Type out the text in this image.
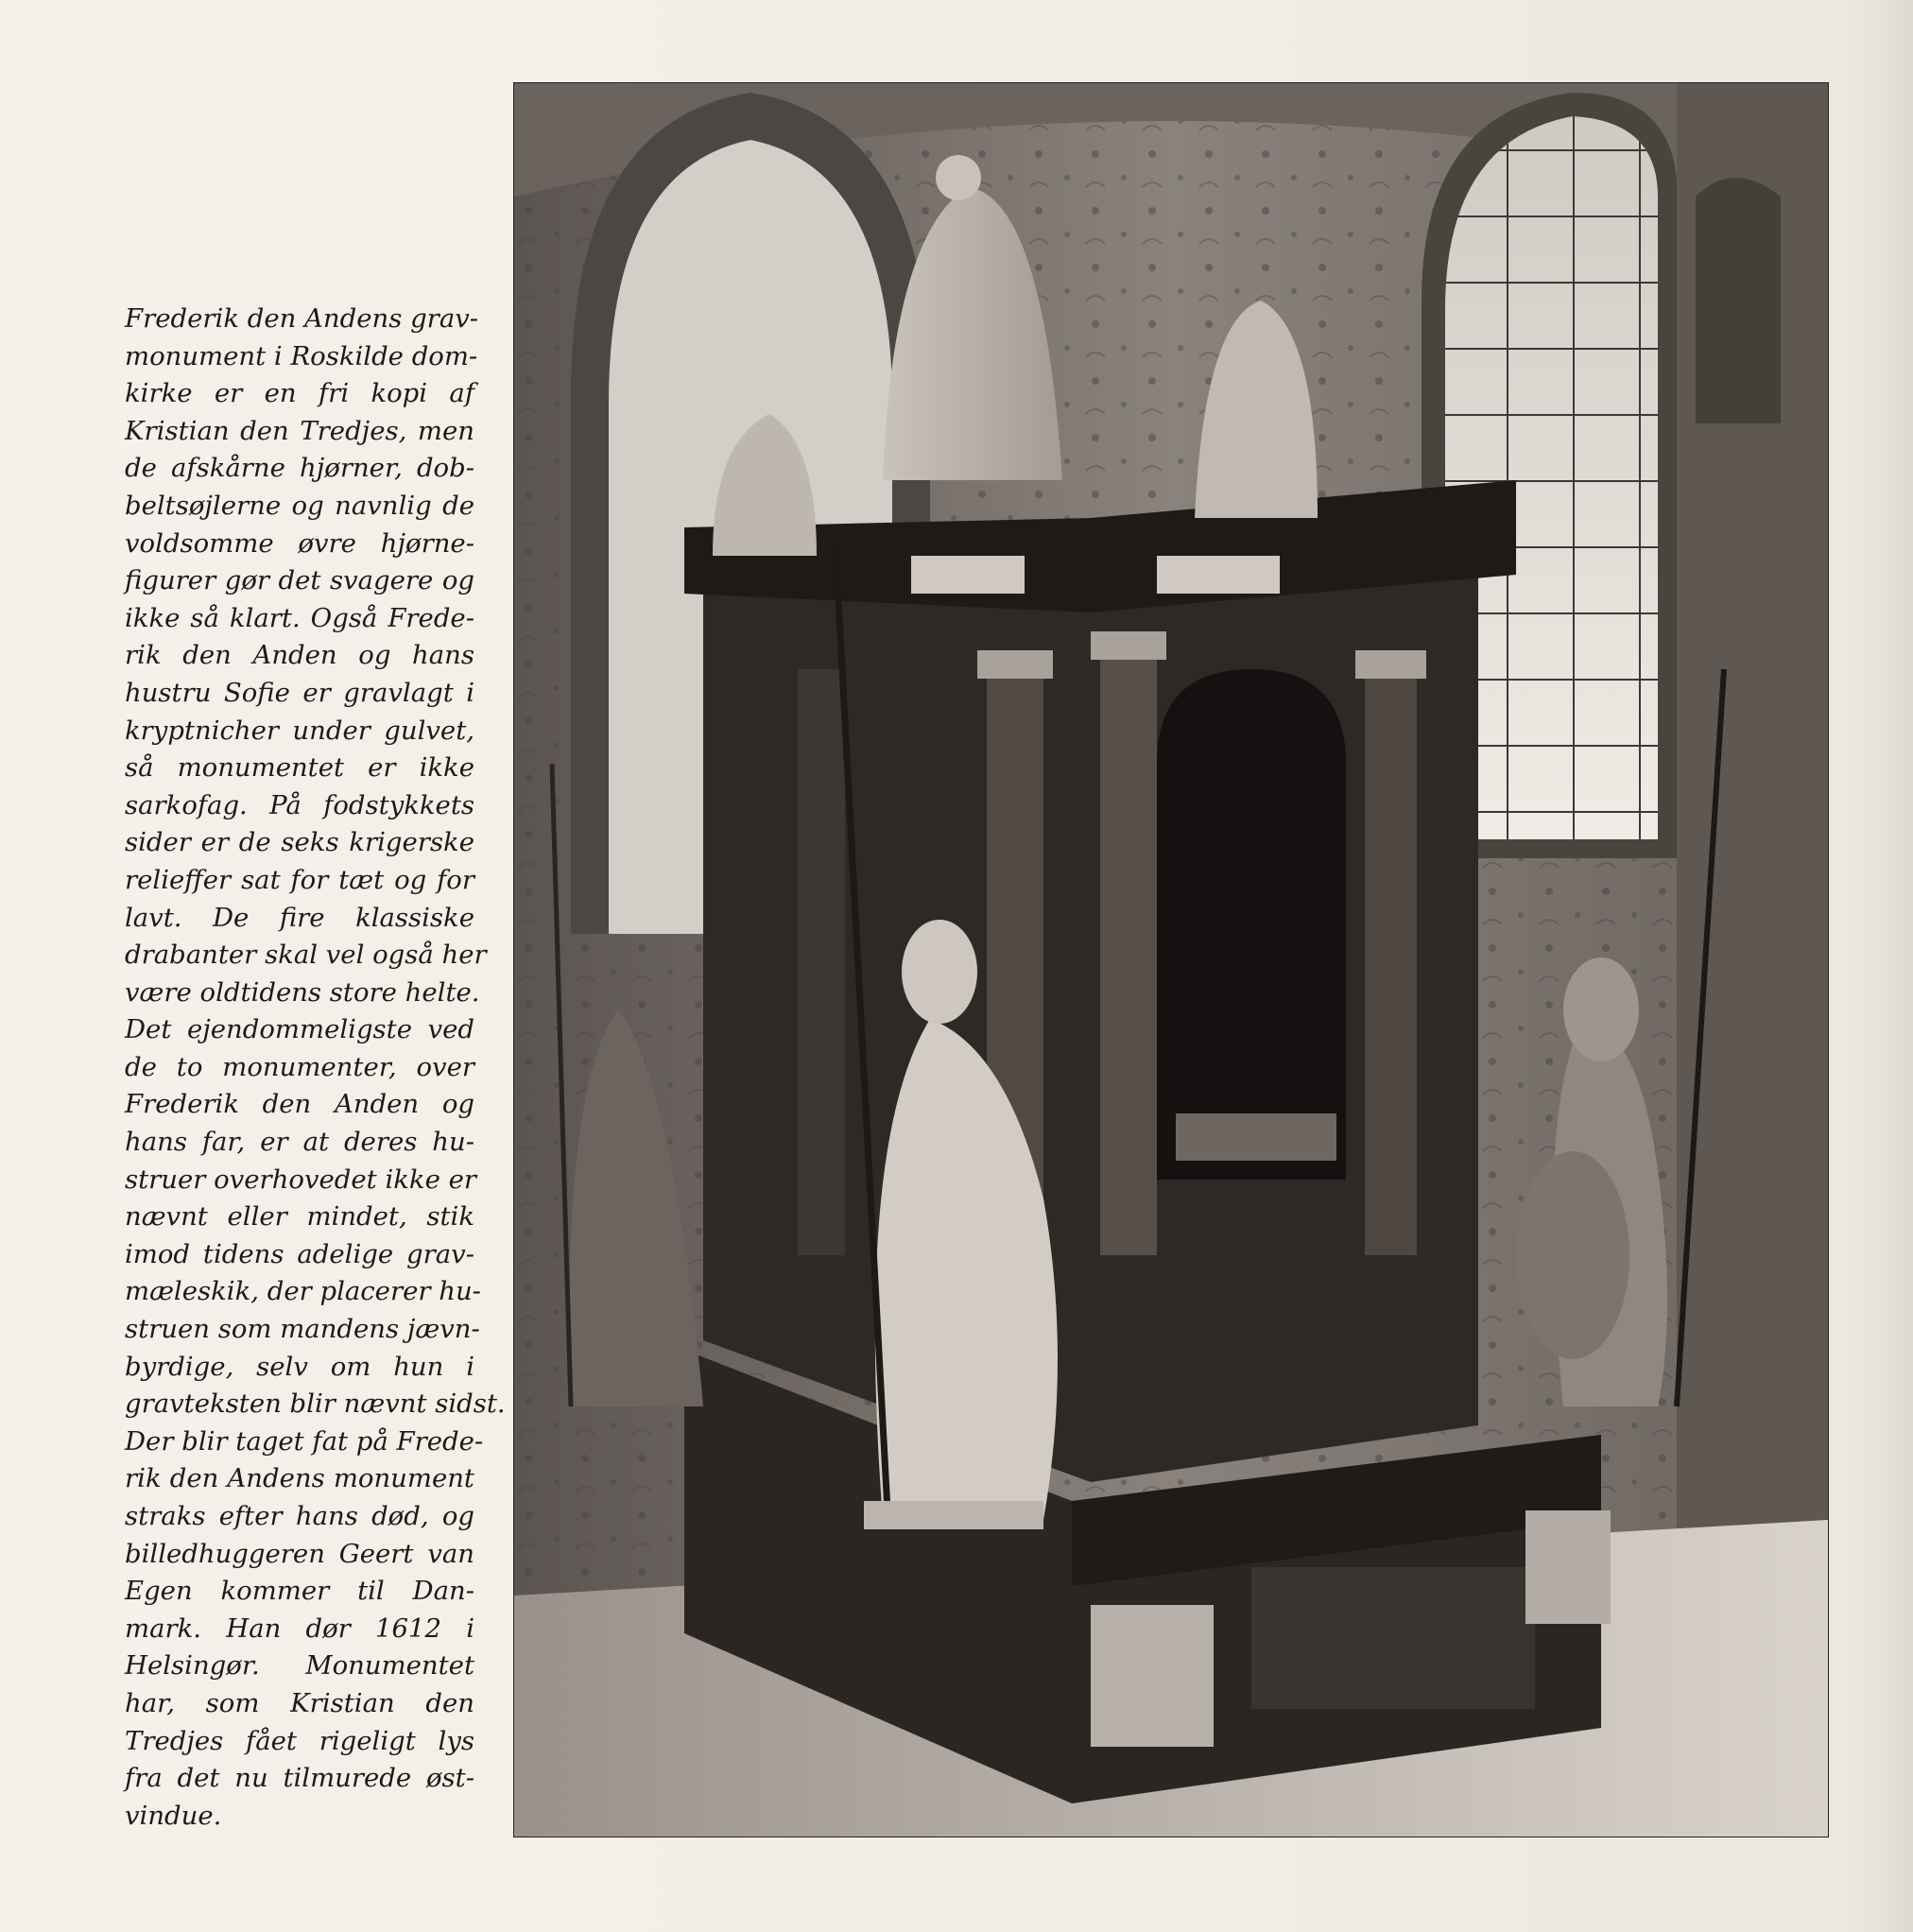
Frederik den Andens grav-
monument i Roskilde dom-
kirke er en fri kopi af
Kristian den Tredjes, men
de afskårne hjørner, dob-
beltsøjlerne og navnlig de
voldsomme øvre hjørne-
figurer gør det svagere og
ikke så klart. Også Frede-
rik den Anden og hans
hustru Sofie er gravlagt i
kryptnicher under gulvet,
så monumentet er ikke
sarkofag. På fodstykkets
sider er de seks krigerske
relieffer sat for tæt og for
lavt. De fire klassiske
drabanter skal vel også her
være oldtidens store helte.
Det ejendommeligste ved
de to monumenter, over
Frederik den Anden og
hans far, er at deres hu-
struer overhovedet ikke er
nævnt eller mindet, stik
imod tidens adelige grav-
mæleskik, der placerer hu-
struen som mandens jævn-
byrdige, selv om hun i
gravteksten blir nævnt sidst.
Der blir taget fat på Frede-
rik den Andens monument
straks efter hans død, og
billedhuggeren Geert van
Egen kommer til Dan-
mark. Han dør 1612 i
Helsingør. Monumentet
har, som Kristian den
Tredjes fået rigeligt lys
fra det nu tilmurede øst-
vindue.
